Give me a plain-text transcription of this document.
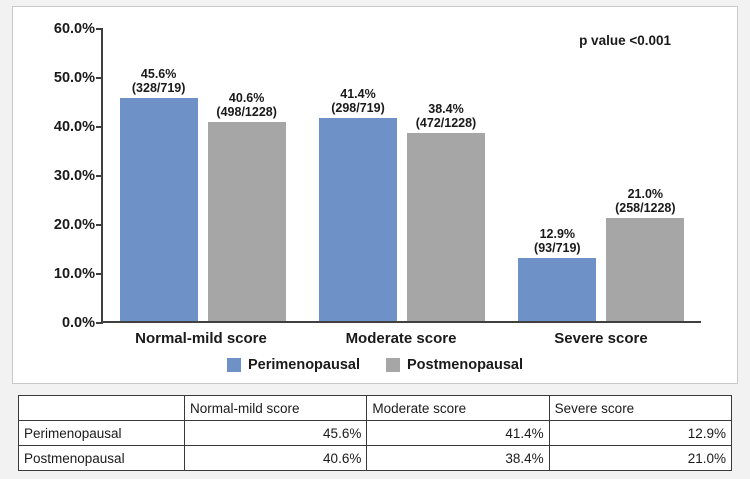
p value <0.001
0.0%
10.0%
20.0%
30.0%
40.0%
50.0%
60.0%
45.6%
(328/719)
40.6%
(498/1228)
41.4%
(298/719)	38.4%
(472/1228)
12.9%
(93/719)
21.0%
(258/1228)
Normal-mild score	Moderate score	Severe score
Perimenopausal	Postmenopausal
	Normal-mild score	Moderate score	Severe score
Perimenopausal	45.6%	41.4%	12.9%
Postmenopausal	40.6%	38.4%	21.0%
